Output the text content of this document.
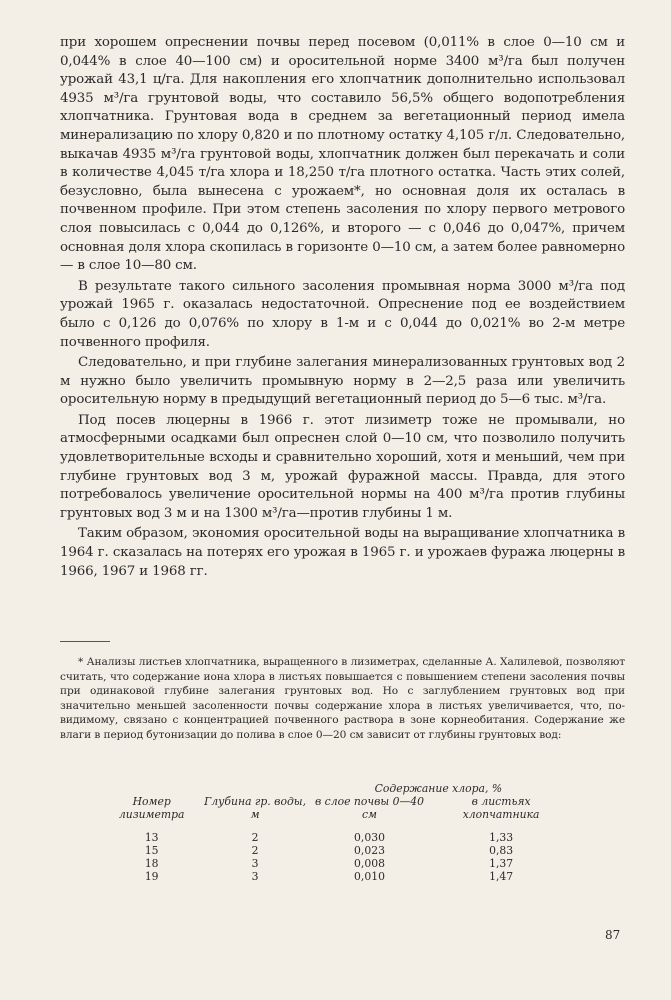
при хорошем опреснении почвы перед посевом (0,011% в слое 0—10 см и 0,044% в слое 40—100 см) и оросительной норме 3400 м³/га был получен урожай 43,1 ц/га. Для накопления его хлопчатник дополнительно использовал 4935 м³/га грунтовой воды, что составило 56,5% общего водопотребления хлопчатника. Грунтовая вода в среднем за вегетационный период имела минерализацию по хлору 0,820 и по плотному остатку 4,105 г/л. Следовательно, выкачав 4935 м³/га грунтовой воды, хлопчатник должен был перекачать и соли в количестве 4,045 т/га хлора и 18,250 т/га плотного остатка. Часть этих солей, безусловно, была вынесена с урожаем*, но основная доля их осталась в почвенном профиле. При этом степень засоления по хлору первого метрового слоя повысилась с 0,044 до 0,126%, и второго — с 0,046 до 0,047%, причем основная доля хлора скопилась в горизонте 0—10 см, а затем более равномерно — в слое 10—80 см.

В результате такого сильного засоления промывная норма 3000 м³/га под урожай 1965 г. оказалась недостаточной. Опреснение под ее воздействием было с 0,126 до 0,076% по хлору в 1-м и с 0,044 до 0,021% во 2-м метре почвенного профиля.

Следовательно, и при глубине залегания минерализованных грунтовых вод 2 м нужно было увеличить промывную норму в 2—2,5 раза или увеличить оросительную норму в предыдущий вегетационный период до 5—6 тыс. м³/га.

Под посев люцерны в 1966 г. этот лизиметр тоже не промывали, но атмосферными осадками был опреснен слой 0—10 см, что позволило получить удовлетворительные всходы и сравнительно хороший, хотя и меньший, чем при глубине грунтовых вод 3 м, урожай фуражной массы. Правда, для этого потребовалось увеличение оросительной нормы на 400 м³/га против глубины грунтовых вод 3 м и на 1300 м³/га—против глубины 1 м.

Таким образом, экономия оросительной воды на выращивание хлопчатника в 1964 г. сказалась на потерях его урожая в 1965 г. и урожаев фуража люцерны в 1966, 1967 и 1968 гг.

* Анализы листьев хлопчатника, выращенного в лизиметрах, сделанные А. Халилевой, позволяют считать, что содержание иона хлора в листьях повышается с повышением степени засоления почвы при одинаковой глубине залегания грунтовых вод. Но с заглублением грунтовых вод при значительно меньшей засоленности почвы содержание хлора в листьях увеличивается, что, по-видимому, связано с концентрацией почвенного раствора в зоне корнеобитания. Содержание же влаги в период бутонизации до полива в слое 0—20 см зависит от глубины грунтовых вод:
		Содержание хлора, %	
Номер лизиметра	Глубина гр. воды, м	в слое почвы 0—40 см	в листьях хлопчатника

13	2	0,030	1,33
15	2	0,023	0,83
18	3	0,008	1,37
19	3	0,010	1,47
87
